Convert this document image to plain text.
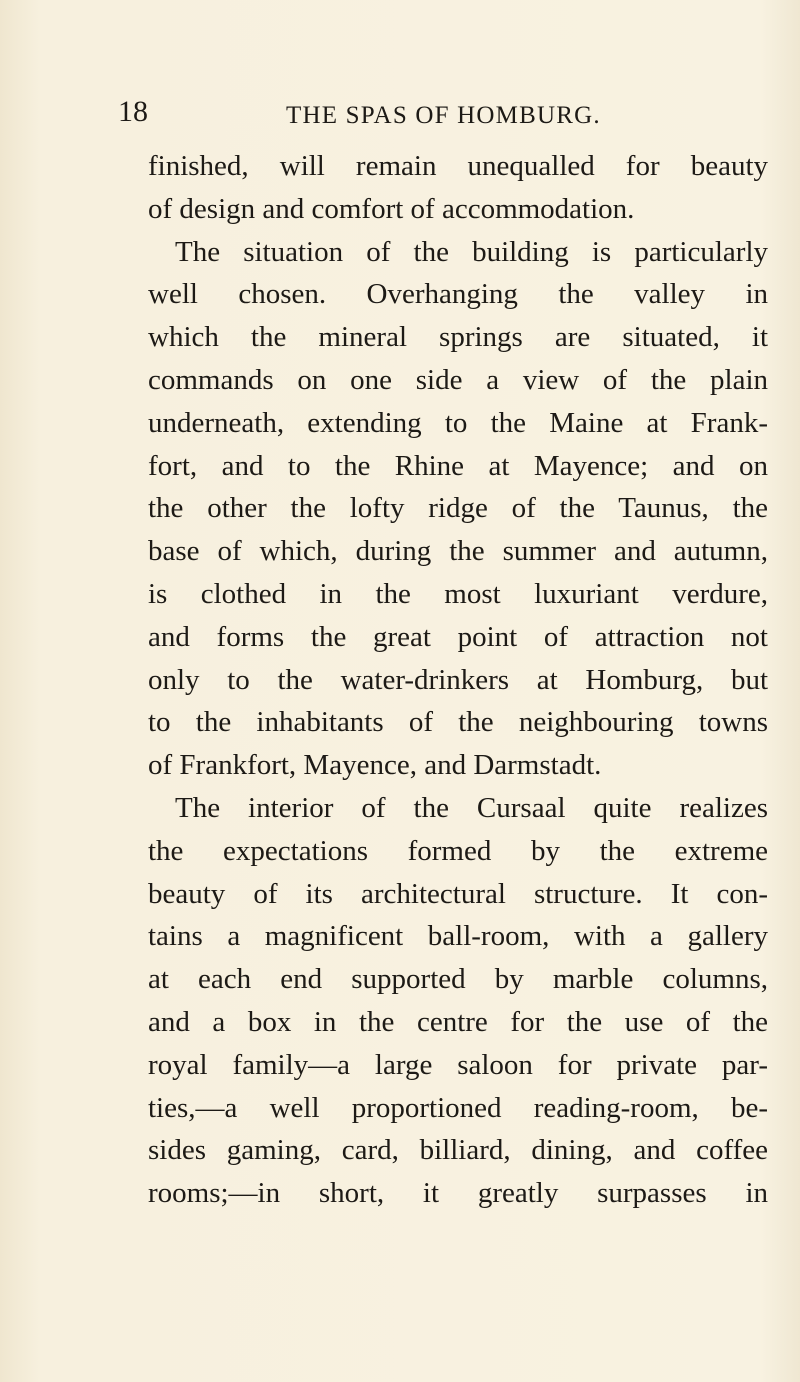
18	THE SPAS OF HOMBURG.
finished, will remain unequalled for beauty
of design and comfort of accommodation.
The situation of the building is particularly
well chosen. Overhanging the valley in
which the mineral springs are situated, it
commands on one side a view of the plain
underneath, extending to the Maine at Frank-
fort, and to the Rhine at Mayence; and on
the other the lofty ridge of the Taunus, the
base of which, during the summer and autumn,
is clothed in the most luxuriant verdure,
and forms the great point of attraction not
only to the water-drinkers at Homburg, but
to the inhabitants of the neighbouring towns
of Frankfort, Mayence, and Darmstadt.
The interior of the Cursaal quite realizes
the expectations formed by the extreme
beauty of its architectural structure. It con-
tains a magnificent ball-room, with a gallery
at each end supported by marble columns,
and a box in the centre for the use of the
royal family—a large saloon for private par-
ties,—a well proportioned reading-room, be-
sides gaming, card, billiard, dining, and coffee
rooms;—in short, it greatly surpasses in
